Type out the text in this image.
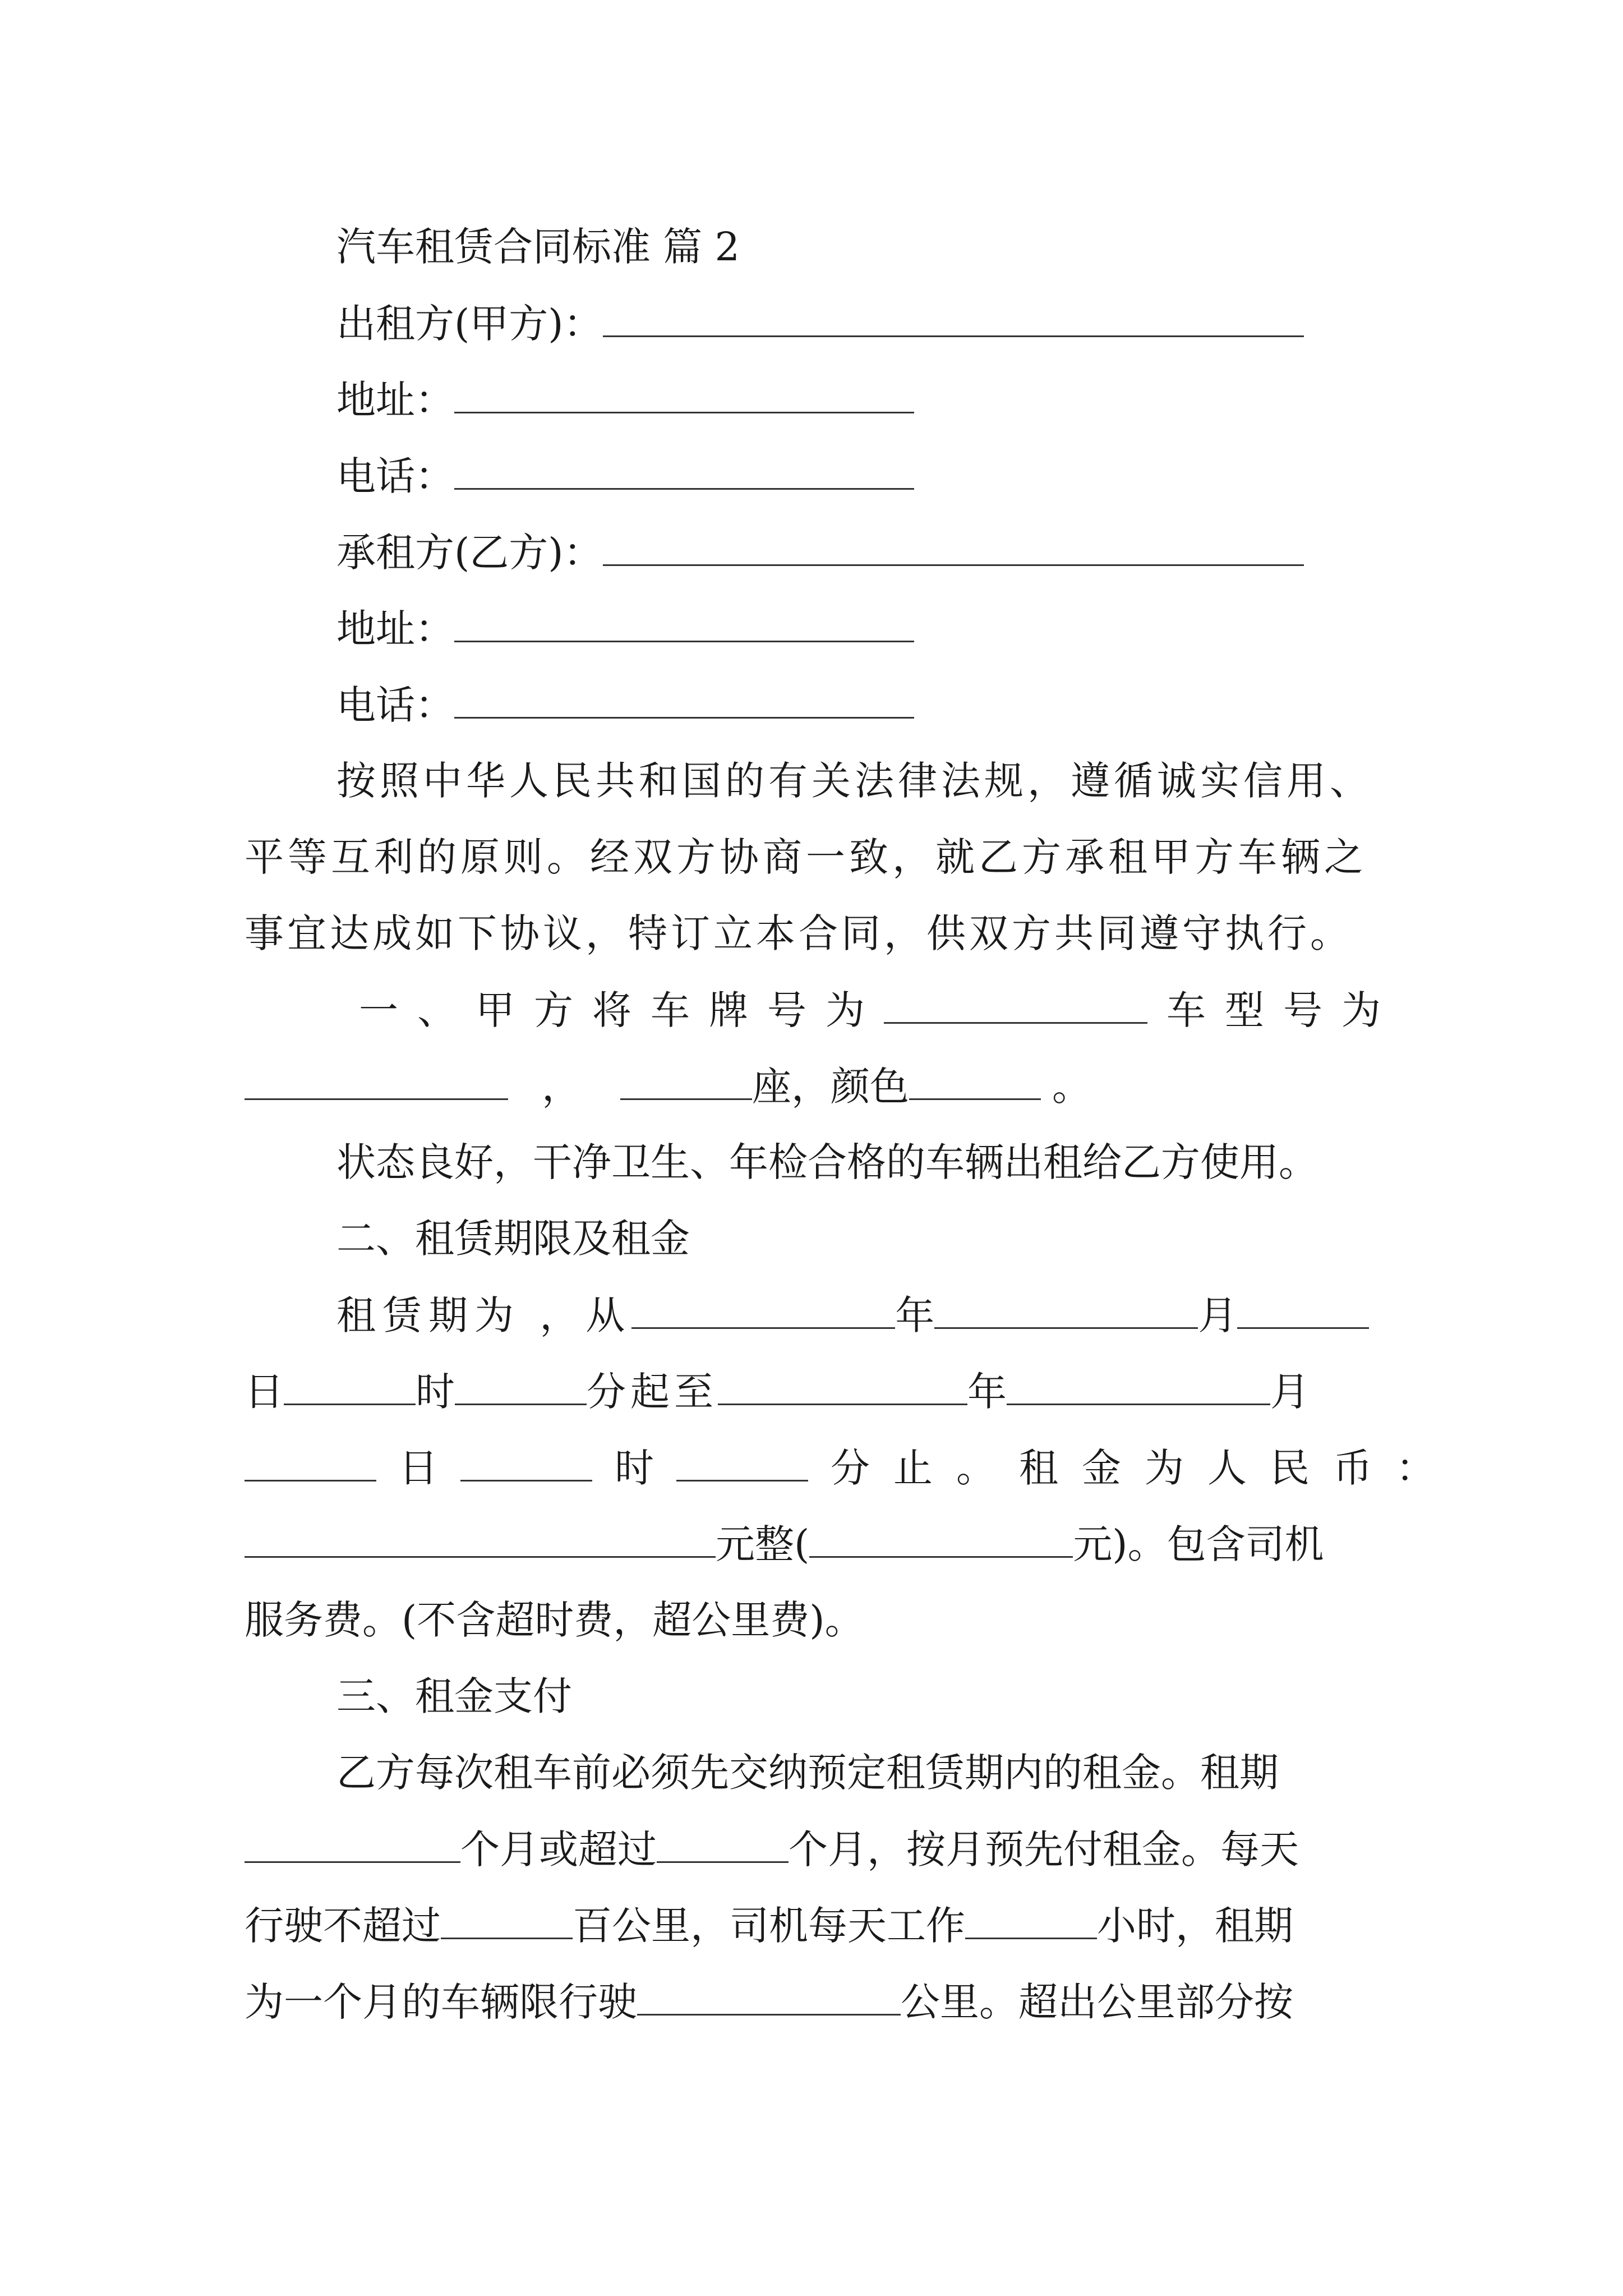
汽车租赁合同标准 篇 2
出租方(甲方)：
地址：
电话：
承租方(乙方)：
地址：
电话：
按照中华人民共和国的有关法律法规，遵循诚实信用、
平等互利的原则。经双方协商一致，就乙方承租甲方车辆之
事宜达成如下协议，特订立本合同，供双方共同遵守执行。
一、甲方将车牌号为	车型号为
，	座，颜色	。
状态良好，干净卫生、年检合格的车辆出租给乙方使用。
二、租赁期限及租金
租赁期为 ，从	年	月
日	时	分起至	年	月
日	时	分止。租金为人民币：
元整(	元)。包含司机
服务费。(不含超时费，超公里费)。
三、租金支付
乙方每次租车前必须先交纳预定租赁期内的租金。租期
个月或超过	个月，按月预先付租金。每天
行驶不超过	百公里，司机每天工作	小时，租期
为一个月的车辆限行驶	公里。超出公里部分按
